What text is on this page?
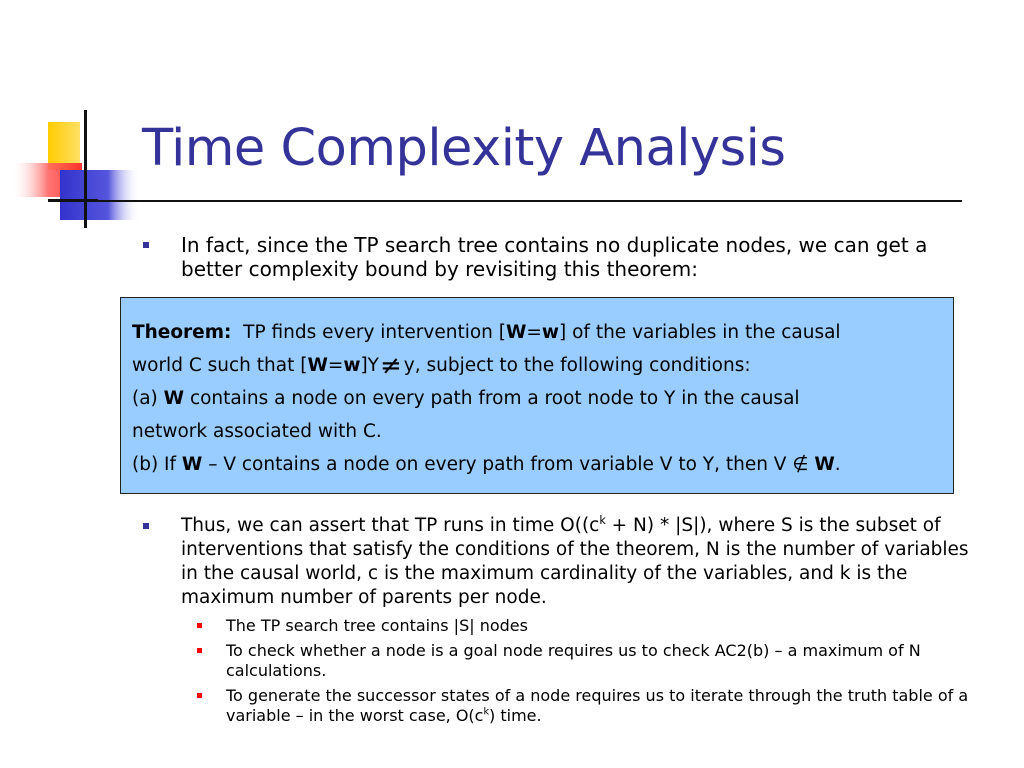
Time Complexity Analysis

In fact, since the TP search tree contains no duplicate nodes, we can get a better complexity bound by revisiting this theorem:

Theorem: TP finds every intervention [W=w] of the variables in the causal

world C such that [W=w]Y≠ y, subject to the following conditions:

(a) W contains a node on every path from a root node to Y in the causal

network associated with C.

(b) If W – V contains a node on every path from variable V to Y, then V ∉ W.

Thus, we can assert that TP runs in time $O((c^k + N) * |S|)$, where S is the subset of interventions that satisfy the conditions of the theorem, N is the number of variables in the causal world, c is the maximum cardinality of the variables, and k is the maximum number of parents per node.

The TP search tree contains |S| nodes
To check whether a node is a goal node requires us to check AC2(b) – a maximum of N calculations.
To generate the successor states of a node requires us to iterate through the truth table of a variable – in the worst case, $O(c^k)$ time.
